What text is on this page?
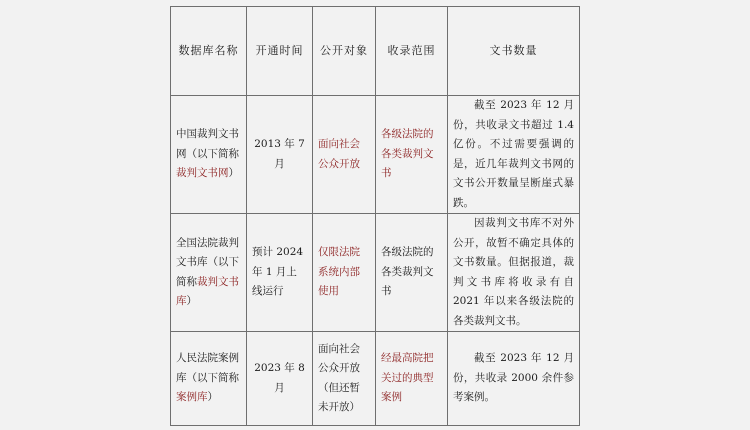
数据库名称	开通时间	公开对象	收录范围	文书数量
中国裁判文书网（以下简称裁判文书网）	2013 年 7 月	面向社会公众开放	各级法院的各类裁判文书	截至 2023 年 12 月份，共收录文书超过 1.4 亿份。不过需要强调的是，近几年裁判文书网的文书公开数量呈断崖式暴跌。
全国法院裁判文书库（以下简称裁判文书库）	预计 2024 年 1 月上线运行	仅限法院系统内部使用	各级法院的各类裁判文书	因裁判文书库不对外公开，故暂不确定具体的文书数量。但据报道，裁判文书库将收录有自 2021 年以来各级法院的各类裁判文书。
人民法院案例库（以下简称案例库）	2023 年 8 月	面向社会公众开放（但还暂未开放）	经最高院把关过的典型案例	截至 2023 年 12 月份，共收录 2000 余件参考案例。
